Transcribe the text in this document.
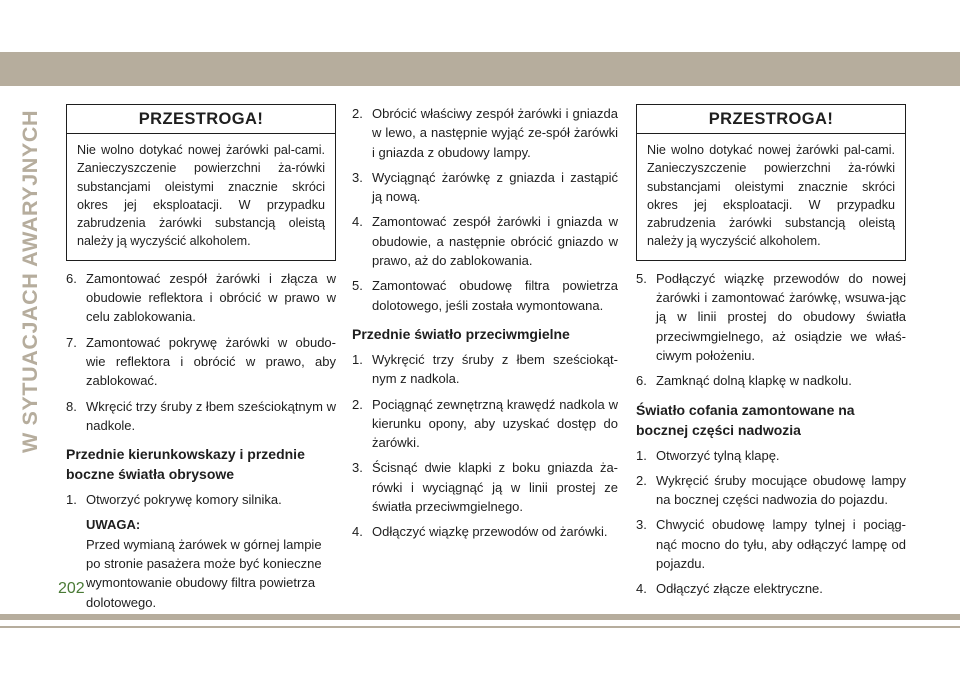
W SYTUACJACH AWARYJNYCH	PRZESTROGA!
Nie wolno dotykać nowej żarówki pal-cami. Zanieczyszczenie powierzchni ża-rówki substancjami oleistymi znacznie skróci okres jej eksploatacji. W przypadku zabrudzenia żarówki substancją oleistą należy ją wyczyścić alkoholem.
6. Zamontować zespół żarówki i złącza w obudowie reflektora i obrócić w prawo w celu zablokowania.
7. Zamontować pokrywę żarówki w obudo-wie reflektora i obrócić w prawo, aby zablokować.
8. Wkręcić trzy śruby z łbem sześciokątnym w nadkole.
Przednie kierunkowskazy i przednie boczne światła obrysowe
1. Otworzyć pokrywę komory silnika.
UWAGA:
Przed wymianą żarówek w górnej lampie po stronie pasażera może być konieczne wymontowanie obudowy filtra powietrza dolotowego.
2. Obrócić właściwy zespół żarówki i gniazda w lewo, a następnie wyjąć ze-spół żarówki i gniazda z obudowy lampy.
3. Wyciągnąć żarówkę z gniazda i zastąpić ją nową.
4. Zamontować zespół żarówki i gniazda w obudowie, a następnie obrócić gniazdo w prawo, aż do zablokowania.
5. Zamontować obudowę filtra powietrza dolotowego, jeśli została wymontowana.
Przednie światło przeciwmgielne
1. Wykręcić trzy śruby z łbem sześciokąt-nym z nadkola.
2. Pociągnąć zewnętrzną krawędź nadkola w kierunku opony, aby uzyskać dostęp do żarówki.
3. Ścisnąć dwie klapki z boku gniazda ża-rówki i wyciągnąć ją w linii prostej ze światła przeciwmgielnego.
4. Odłączyć wiązkę przewodów od żarówki.
PRZESTROGA!
Nie wolno dotykać nowej żarówki pal-cami. Zanieczyszczenie powierzchni ża-rówki substancjami oleistymi znacznie skróci okres jej eksploatacji. W przypadku zabrudzenia żarówki substancją oleistą należy ją wyczyścić alkoholem.
5. Podłączyć wiązkę przewodów do nowej żarówki i zamontować żarówkę, wsuwa-jąc ją w linii prostej do obudowy światła przeciwmgielnego, aż osiądzie we właś-ciwym położeniu.
6. Zamknąć dolną klapkę w nadkolu.
Światło cofania zamontowane na bocznej części nadwozia
1. Otworzyć tylną klapę.
2. Wykręcić śruby mocujące obudowę lampy na bocznej części nadwozia do pojazdu.
3. Chwycić obudowę lampy tylnej i pociąg-nąć mocno do tyłu, aby odłączyć lampę od pojazdu.
4. Odłączyć złącze elektryczne.
202
